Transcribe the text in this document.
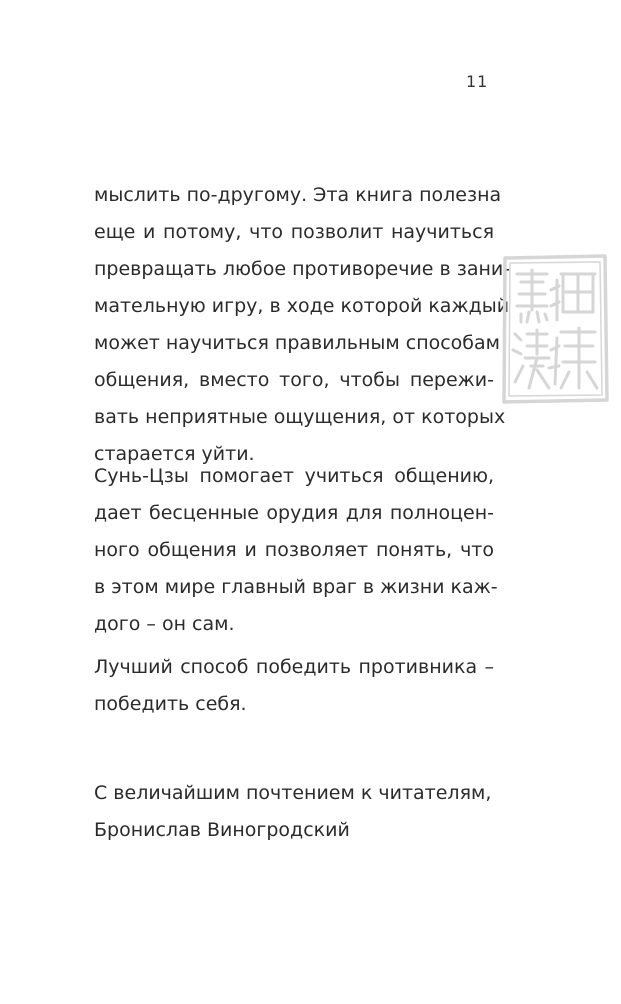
11
мыслить по-другому. Эта книга полезна
еще и потому, что позволит научиться
превращать любое противоречие в зани-
мательную игру, в ходе которой каждый
может научиться правильным способам
общения, вместо того, чтобы пережи-
вать неприятные ощущения, от которых
старается уйти.
Сунь-Цзы помогает учиться общению,
дает бесценные орудия для полноцен-
ного общения и позволяет понять, что
в этом мире главный враг в жизни каж-
дого – он сам.
Лучший способ победить противника –
победить себя.
С величайшим почтением к читателям,
Бронислав Виногродский
